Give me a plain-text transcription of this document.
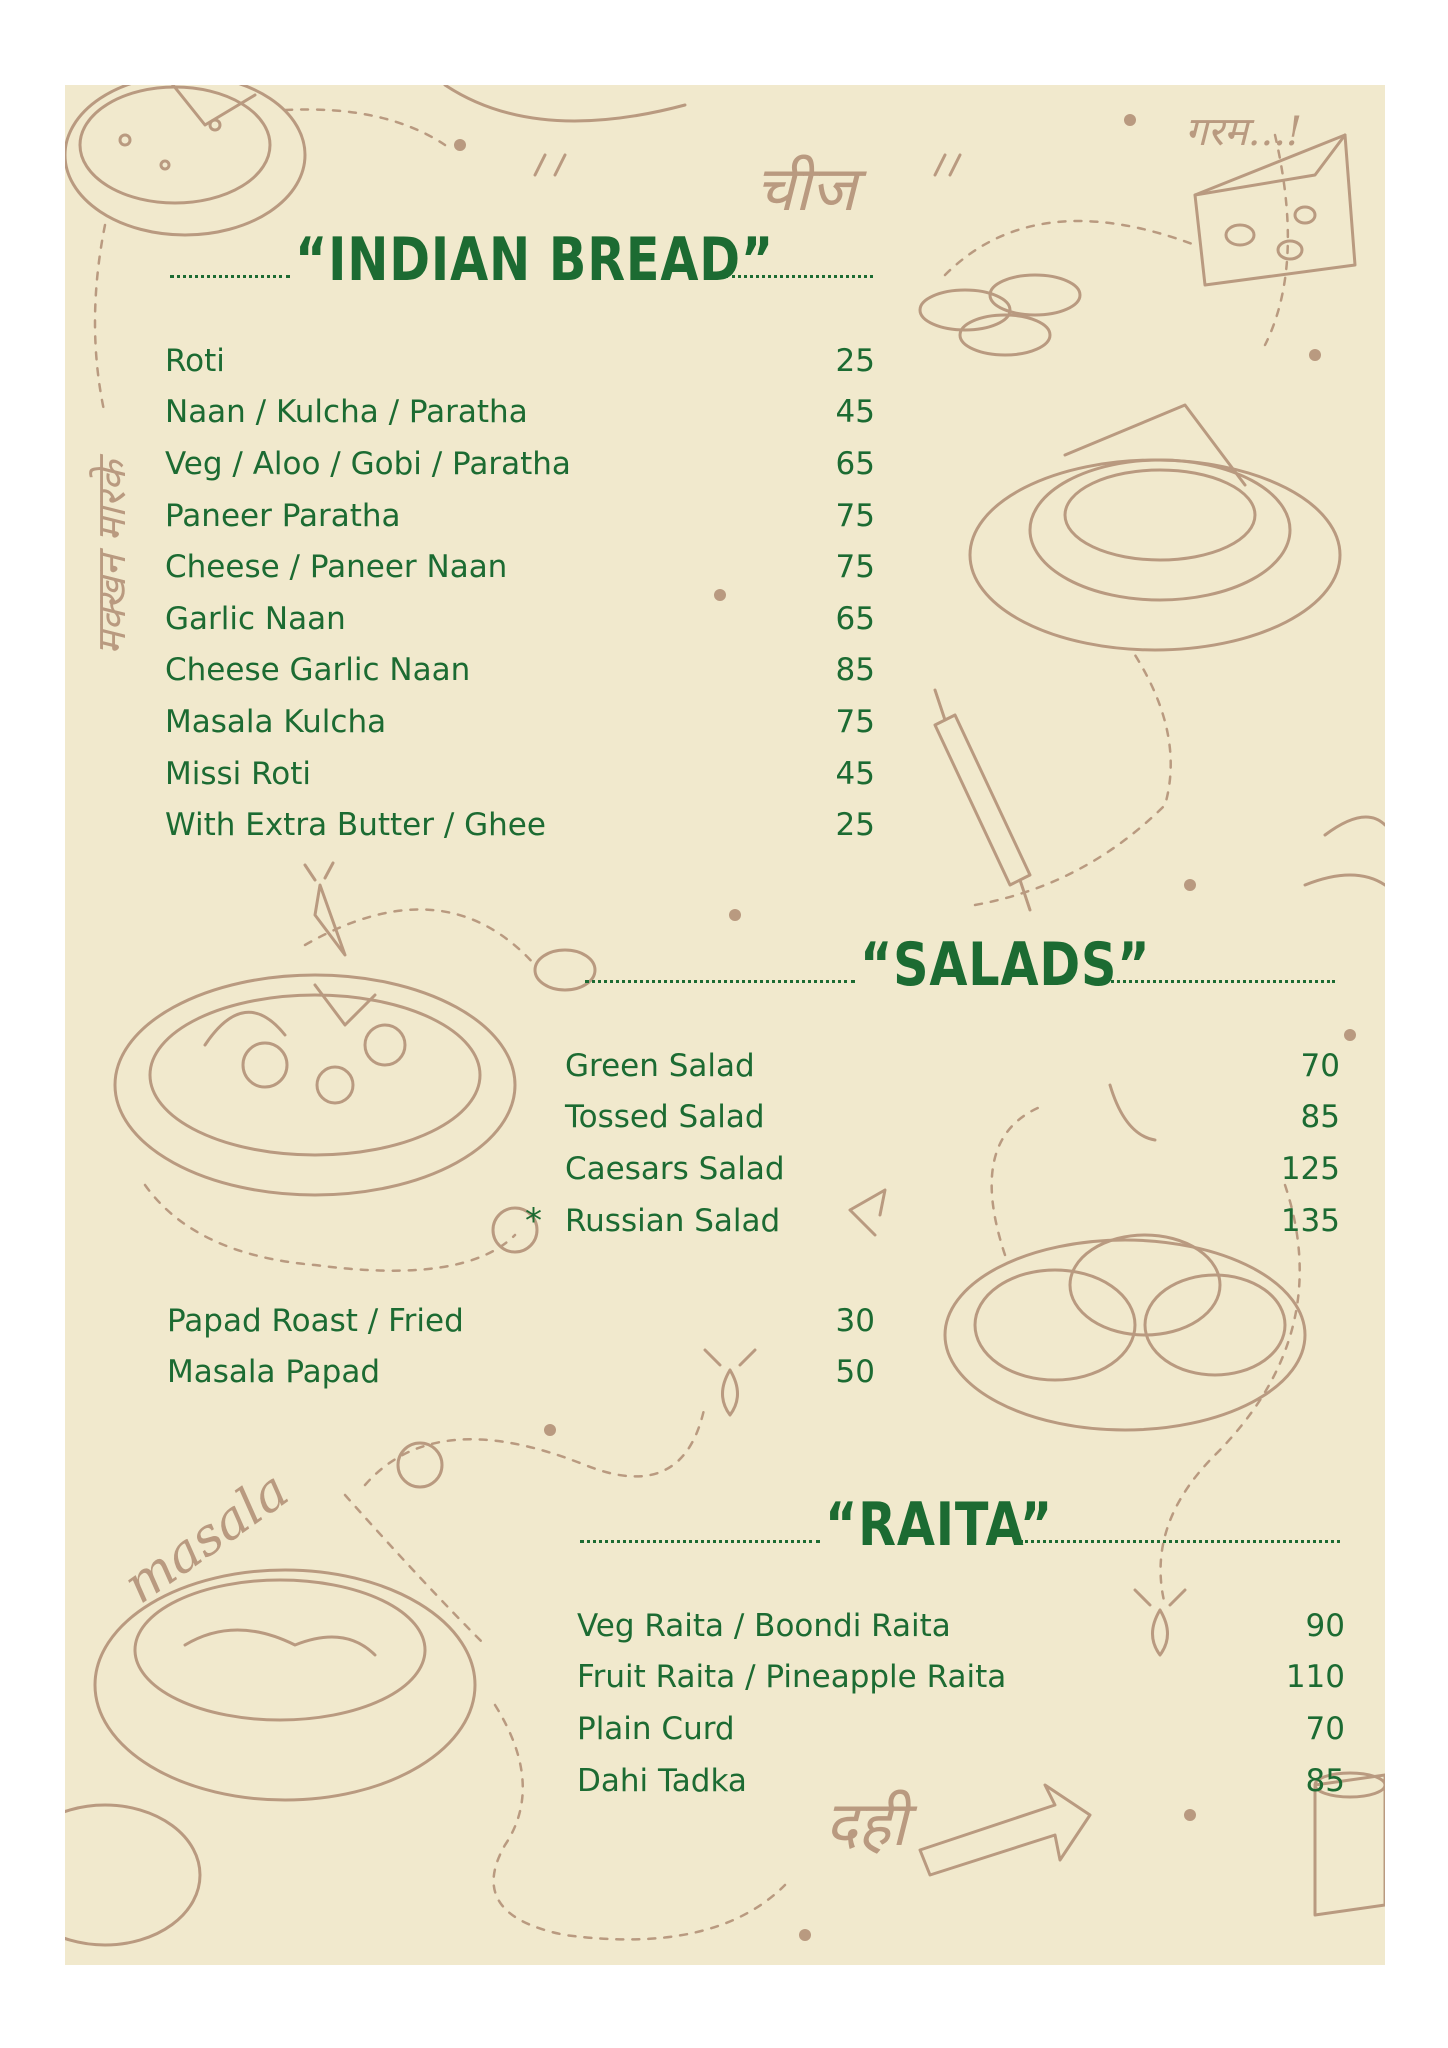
चीज
गरम...!
मक्खन मारके
masala
दही
“INDIAN BREAD”
Roti	25
Naan / Kulcha / Paratha	45
Veg / Aloo / Gobi / Paratha	65
Paneer Paratha	75
Cheese / Paneer Naan	75
Garlic Naan	65
Cheese Garlic Naan	85
Masala Kulcha	75
Missi Roti	45
With Extra Butter / Ghee	25
“SALADS”
Green Salad	70
Tossed Salad	85
Caesars Salad	125
* Russian Salad	135
Papad Roast / Fried	30
Masala Papad	50
“RAITA”
Veg Raita / Boondi Raita	90
Fruit Raita / Pineapple Raita	110
Plain Curd	70
Dahi Tadka	85
